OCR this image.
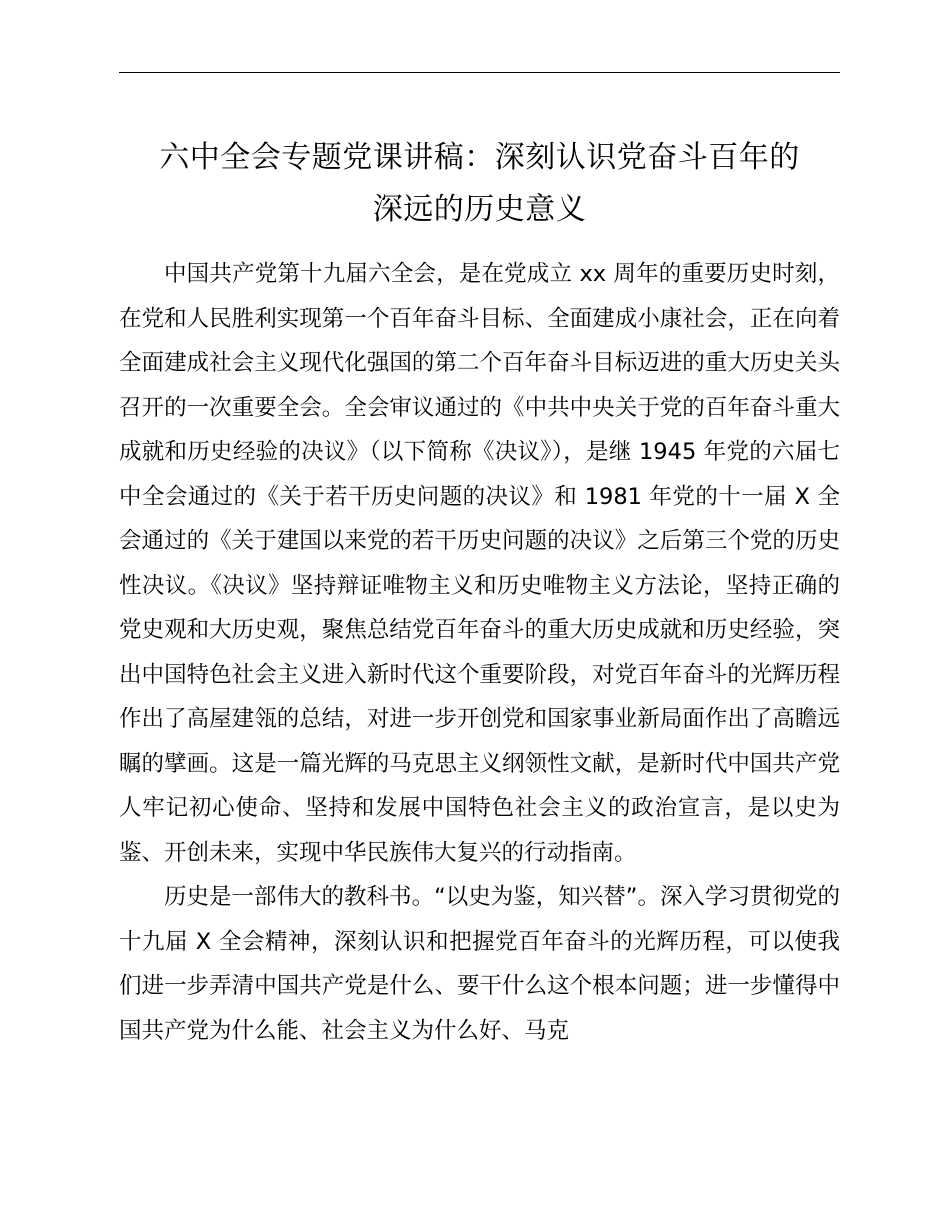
六中全会专题党课讲稿：深刻认识党奋斗百年的
深远的历史意义

中国共产党第十九届六全会，是在党成立 xx 周年的重要历史时刻，在党和人民胜利实现第一个百年奋斗目标、全面建成小康社会，正在向着全面建成社会主义现代化强国的第二个百年奋斗目标迈进的重大历史关头召开的一次重要全会。全会审议通过的《中共中央关于党的百年奋斗重大成就和历史经验的决议》（以下简称《决议》），是继 1945 年党的六届七中全会通过的《关于若干历史问题的决议》和 1981 年党的十一届 X 全会通过的《关于建国以来党的若干历史问题的决议》之后第三个党的历史性决议。《决议》坚持辩证唯物主义和历史唯物主义方法论，坚持正确的党史观和大历史观，聚焦总结党百年奋斗的重大历史成就和历史经验，突出中国特色社会主义进入新时代这个重要阶段，对党百年奋斗的光辉历程作出了高屋建瓴的总结，对进一步开创党和国家事业新局面作出了高瞻远瞩的擘画。这是一篇光辉的马克思主义纲领性文献，是新时代中国共产党人牢记初心使命、坚持和发展中国特色社会主义的政治宣言，是以史为鉴、开创未来，实现中华民族伟大复兴的行动指南。

历史是一部伟大的教科书。“以史为鉴，知兴替”。深入学习贯彻党的十九届 X 全会精神，深刻认识和把握党百年奋斗的光辉历程，可以使我们进一步弄清中国共产党是什么、要干什么这个根本问题；进一步懂得中国共产党为什么能、社会主义为什么好、马克
